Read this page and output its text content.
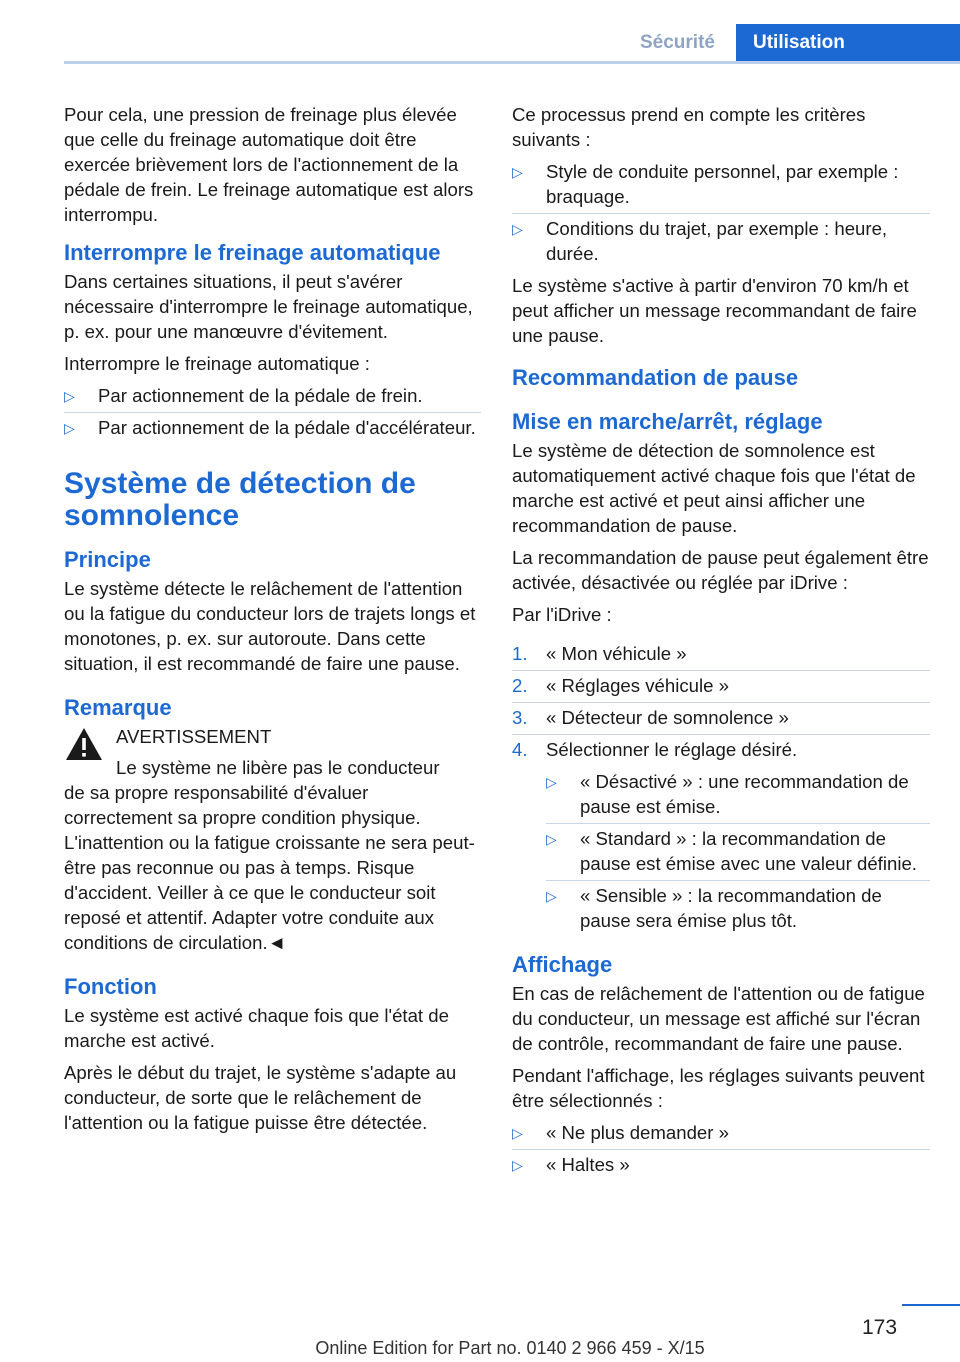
Sécurité	Utilisation

Pour cela, une pression de freinage plus élevée que celle du freinage automatique doit être exercée brièvement lors de l'actionnement de la pédale de frein. Le freinage automatique est alors interrompu.

Interrompre le freinage automatique

Dans certaines situations, il peut s'avérer nécessaire d'interrompre le freinage automatique, p. ex. pour une manœuvre d'évitement.

Interrompre le freinage automatique :

▷ Par actionnement de la pédale de frein.
▷ Par actionnement de la pédale d'accélérateur.
Système de détection de somnolence
Principe

Le système détecte le relâchement de l'attention ou la fatigue du conducteur lors de trajets longs et monotones, p. ex. sur autoroute. Dans cette situation, il est recommandé de faire une pause.

Remarque
AVERTISSEMENT
Le système ne libère pas le conducteur

de sa propre responsabilité d'évaluer correctement sa propre condition physique. L'inattention ou la fatigue croissante ne sera peut-être pas reconnue ou pas à temps. Risque d'accident. Veiller à ce que le conducteur soit reposé et attentif. Adapter votre conduite aux conditions de circulation.◄

Fonction

Le système est activé chaque fois que l'état de marche est activé.

Après le début du trajet, le système s'adapte au conducteur, de sorte que le relâchement de l'attention ou la fatigue puisse être détectée.

Ce processus prend en compte les critères suivants :

▷ Style de conduite personnel, par exemple : braquage.
▷ Conditions du trajet, par exemple : heure, durée.

Le système s'active à partir d'environ 70 km/h et peut afficher un message recommandant de faire une pause.

Recommandation de pause
Mise en marche/arrêt, réglage

Le système de détection de somnolence est automatiquement activé chaque fois que l'état de marche est activé et peut ainsi afficher une recommandation de pause.

La recommandation de pause peut également être activée, désactivée ou réglée par iDrive :

Par l'iDrive :

1. « Mon véhicule »
2. « Réglages véhicule »
3. « Détecteur de somnolence »
4. Sélectionner le réglage désiré.
▷ « Désactivé » : une recommandation de pause est émise.
▷ « Standard » : la recommandation de pause est émise avec une valeur définie.
▷ « Sensible » : la recommandation de pause sera émise plus tôt.
Affichage

En cas de relâchement de l'attention ou de fatigue du conducteur, un message est affiché sur l'écran de contrôle, recommandant de faire une pause.

Pendant l'affichage, les réglages suivants peuvent être sélectionnés :

▷ « Ne plus demander »
▷ « Haltes »
173
Online Edition for Part no. 0140 2 966 459 - X/15
